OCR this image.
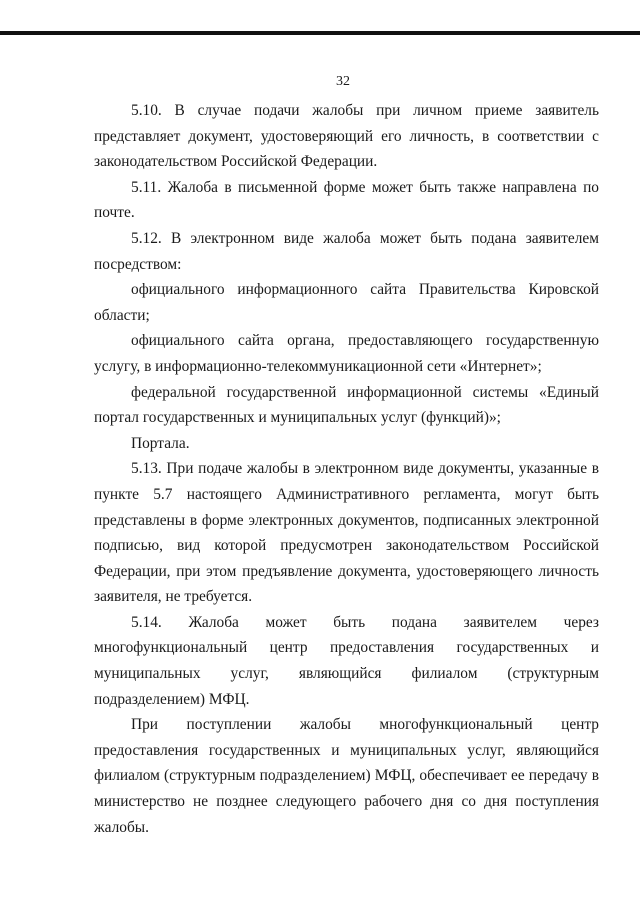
32

5.10. В случае подачи жалобы при личном приеме заявитель представляет документ, удостоверяющий его личность, в соответствии с законодательством Российской Федерации.

5.11. Жалоба в письменной форме может быть также направлена по почте.

5.12. В электронном виде жалоба может быть подана заявителем посредством:

официального информационного сайта Правительства Кировской области;

официального сайта органа, предоставляющего государственную услугу, в информационно-телекоммуникационной сети «Интернет»;

федеральной государственной информационной системы «Единый портал государственных и муниципальных услуг (функций)»;

Портала.

5.13. При подаче жалобы в электронном виде документы, указанные в пункте 5.7 настоящего Административного регламента, могут быть представлены в форме электронных документов, подписанных электронной подписью, вид которой предусмотрен законодательством Российской Федерации, при этом предъявление документа, удостоверяющего личность заявителя, не требуется.

5.14. Жалоба может быть подана заявителем через многофункциональный центр предоставления государственных и муниципальных услуг, являющийся филиалом (структурным подразделением) МФЦ.

При поступлении жалобы многофункциональный центр предоставления государственных и муниципальных услуг, являющийся филиалом (структурным подразделением) МФЦ, обеспечивает ее передачу в министерство не позднее следующего рабочего дня со дня поступления жалобы.
